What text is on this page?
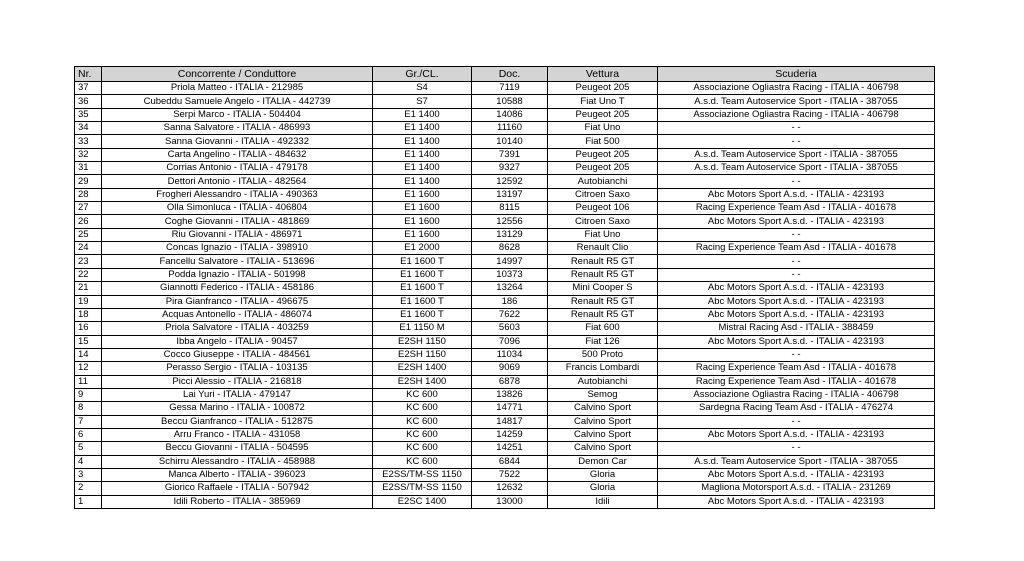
Nr.	Concorrente / Conduttore	Gr./CL.	Doc.	Vettura	Scuderia
37	Priola Matteo - ITALIA - 212985	S4	7119	Peugeot 205	Associazione Ogliastra Racing - ITALIA - 406798
36	Cubeddu Samuele Angelo - ITALIA - 442739	S7	10588	Fiat Uno T	A.s.d. Team Autoservice Sport - ITALIA - 387055
35	Serpi Marco - ITALIA - 504404	E1 1400	14086	Peugeot 205	Associazione Ogliastra Racing - ITALIA - 406798
34	Sanna Salvatore - ITALIA - 486993	E1 1400	11160	Fiat Uno	- -
33	Sanna Giovanni - ITALIA - 492332	E1 1400	10140	Fiat 500	- -
32	Carta Angelino - ITALIA - 484632	E1 1400	7391	Peugeot 205	A.s.d. Team Autoservice Sport - ITALIA - 387055
31	Corrias Antonio - ITALIA - 479178	E1 1400	9327	Peugeot 205	A.s.d. Team Autoservice Sport - ITALIA - 387055
29	Dettori Antonio - ITALIA - 482564	E1 1400	12592	Autobianchi	- -
28	Frogheri Alessandro - ITALIA - 490363	E1 1600	13197	Citroen Saxo	Abc Motors Sport A.s.d. - ITALIA - 423193
27	Olla Simonluca - ITALIA - 406804	E1 1600	8115	Peugeot 106	Racing Experience Team Asd - ITALIA - 401678
26	Coghe Giovanni - ITALIA - 481869	E1 1600	12556	Citroen Saxo	Abc Motors Sport A.s.d. - ITALIA - 423193
25	Riu Giovanni - ITALIA - 486971	E1 1600	13129	Fiat Uno	- -
24	Concas Ignazio - ITALIA - 398910	E1 2000	8628	Renault Clio	Racing Experience Team Asd - ITALIA - 401678
23	Fancellu Salvatore - ITALIA - 513696	E1 1600 T	14997	Renault R5 GT	- -
22	Podda Ignazio - ITALIA - 501998	E1 1600 T	10373	Renault R5 GT	- -
21	Giannotti Federico - ITALIA - 458186	E1 1600 T	13264	Mini Cooper S	Abc Motors Sport A.s.d. - ITALIA - 423193
19	Pira Gianfranco - ITALIA - 496675	E1 1600 T	186	Renault R5 GT	Abc Motors Sport A.s.d. - ITALIA - 423193
18	Acquas Antonello - ITALIA - 486074	E1 1600 T	7622	Renault R5 GT	Abc Motors Sport A.s.d. - ITALIA - 423193
16	Priola Salvatore - ITALIA - 403259	E1 1150 M	5603	Fiat 600	Mistral Racing Asd - ITALIA - 388459
15	Ibba Angelo - ITALIA - 90457	E2SH 1150	7096	Fiat 126	Abc Motors Sport A.s.d. - ITALIA - 423193
14	Cocco Giuseppe - ITALIA - 484561	E2SH 1150	11034	500 Proto	- -
12	Perasso Sergio - ITALIA - 103135	E2SH 1400	9069	Francis Lombardi	Racing Experience Team Asd - ITALIA - 401678
11	Picci Alessio - ITALIA - 216818	E2SH 1400	6878	Autobianchi	Racing Experience Team Asd - ITALIA - 401678
9	Lai Yuri - ITALIA - 479147	KC 600	13826	Semog	Associazione Ogliastra Racing - ITALIA - 406798
8	Gessa Marino - ITALIA - 100872	KC 600	14771	Calvino Sport	Sardegna Racing Team Asd - ITALIA - 476274
7	Beccu Gianfranco - ITALIA - 512875	KC 600	14817	Calvino Sport	- -
6	Arru Franco - ITALIA - 431058	KC 600	14259	Calvino Sport	Abc Motors Sport A.s.d. - ITALIA - 423193
5	Beccu Giovanni - ITALIA - 504595	KC 600	14251	Calvino Sport	- -
4	Schirru Alessandro - ITALIA - 458988	KC 600	6844	Demon Car	A.s.d. Team Autoservice Sport - ITALIA - 387055
3	Manca Alberto - ITALIA - 396023	E2SS/TM-SS 1150	7522	Gloria	Abc Motors Sport A.s.d. - ITALIA - 423193
2	Giorico Raffaele - ITALIA - 507942	E2SS/TM-SS 1150	12632	Gloria	Magliona Motorsport A.s.d. - ITALIA - 231269
1	Idili Roberto - ITALIA - 385969	E2SC 1400	13000	Idili	Abc Motors Sport A.s.d. - ITALIA - 423193
